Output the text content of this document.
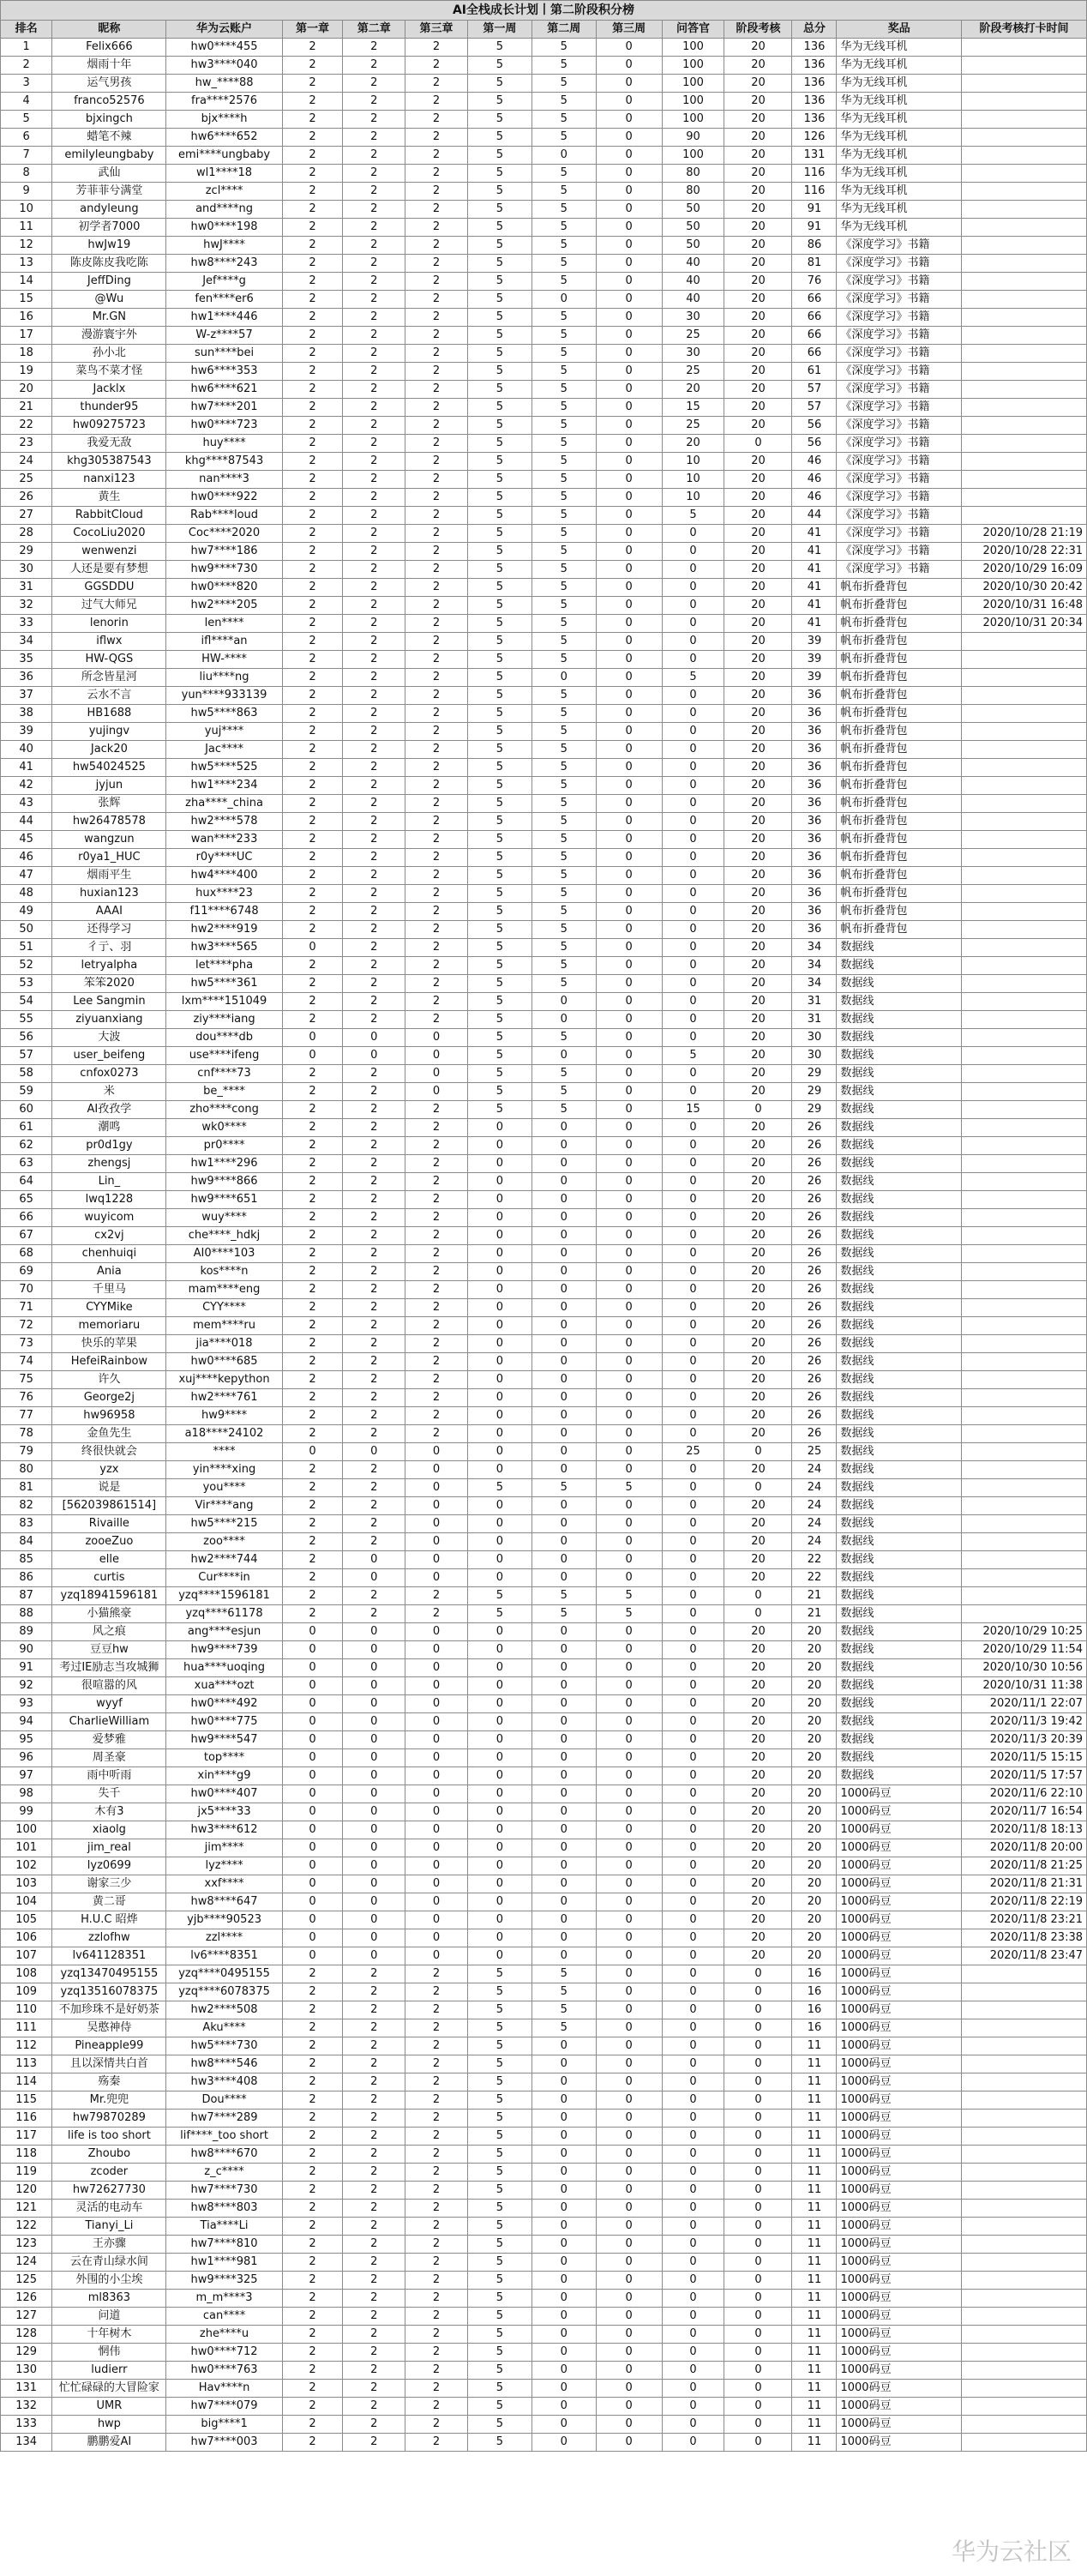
AI全栈成长计划丨第二阶段积分榜													
排名	昵称	华为云账户	第一章	第二章	第三章	第一周	第二周	第三周	问答官	阶段考核	总分	奖品	阶段考核打卡时间
1	Felix666	hw0****455	2	2	2	5	5	0	100	20	136	华为无线耳机	
2	烟雨十年	hw3****040	2	2	2	5	5	0	100	20	136	华为无线耳机	
3	运气男孩	hw_****88	2	2	2	5	5	0	100	20	136	华为无线耳机	
4	franco52576	fra****2576	2	2	2	5	5	0	100	20	136	华为无线耳机	
5	bjxingch	bjx****h	2	2	2	5	5	0	100	20	136	华为无线耳机	
6	蜡笔不辣	hw6****652	2	2	2	5	5	0	90	20	126	华为无线耳机	
7	emilyleungbaby	emi****ungbaby	2	2	2	5	0	0	100	20	131	华为无线耳机	
8	武仙	wl1****18	2	2	2	5	5	0	80	20	116	华为无线耳机	
9	芳菲菲兮满堂	zcl****	2	2	2	5	5	0	80	20	116	华为无线耳机	
10	andyleung	and****ng	2	2	2	5	5	0	50	20	91	华为无线耳机	
11	初学者7000	hw0****198	2	2	2	5	5	0	50	20	91	华为无线耳机	
12	hwJw19	hwJ****	2	2	2	5	5	0	50	20	86	《深度学习》书籍	
13	陈皮陈皮我吃陈	hw8****243	2	2	2	5	5	0	40	20	81	《深度学习》书籍	
14	JeffDing	Jef****g	2	2	2	5	5	0	40	20	76	《深度学习》书籍	
15	@Wu	fen****er6	2	2	2	5	0	0	40	20	66	《深度学习》书籍	
16	Mr.GN	hw1****446	2	2	2	5	5	0	30	20	66	《深度学习》书籍	
17	漫游寰宇外	W-z****57	2	2	2	5	5	0	25	20	66	《深度学习》书籍	
18	孙小北	sun****bei	2	2	2	5	5	0	30	20	66	《深度学习》书籍	
19	菜鸟不菜才怪	hw6****353	2	2	2	5	5	0	25	20	61	《深度学习》书籍	
20	Jacklx	hw6****621	2	2	2	5	5	0	20	20	57	《深度学习》书籍	
21	thunder95	hw7****201	2	2	2	5	5	0	15	20	57	《深度学习》书籍	
22	hw09275723	hw0****723	2	2	2	5	5	0	25	20	56	《深度学习》书籍	
23	我爱无敌	huy****	2	2	2	5	5	0	20	0	56	《深度学习》书籍	
24	khg305387543	khg****87543	2	2	2	5	5	0	10	20	46	《深度学习》书籍	
25	nanxi123	nan****3	2	2	2	5	5	0	10	20	46	《深度学习》书籍	
26	黄生	hw0****922	2	2	2	5	5	0	10	20	46	《深度学习》书籍	
27	RabbitCloud	Rab****loud	2	2	2	5	5	0	5	20	44	《深度学习》书籍	
28	CocoLiu2020	Coc****2020	2	2	2	5	5	0	0	20	41	《深度学习》书籍	2020/10/28 21:19
29	wenwenzi	hw7****186	2	2	2	5	5	0	0	20	41	《深度学习》书籍	2020/10/28 22:31
30	人还是要有梦想	hw9****730	2	2	2	5	5	0	0	20	41	《深度学习》书籍	2020/10/29 16:09
31	GGSDDU	hw0****820	2	2	2	5	5	0	0	20	41	帆布折叠背包	2020/10/30 20:42
32	过气大师兄	hw2****205	2	2	2	5	5	0	0	20	41	帆布折叠背包	2020/10/31 16:48
33	lenorin	len****	2	2	2	5	5	0	0	20	41	帆布折叠背包	2020/10/31 20:34
34	iflwx	ifl****an	2	2	2	5	5	0	0	20	39	帆布折叠背包	
35	HW-QGS	HW-****	2	2	2	5	5	0	0	20	39	帆布折叠背包	
36	所念皆星河	liu****ng	2	2	2	5	0	0	5	20	39	帆布折叠背包	
37	云水不言	yun****933139	2	2	2	5	5	0	0	20	36	帆布折叠背包	
38	HB1688	hw5****863	2	2	2	5	5	0	0	20	36	帆布折叠背包	
39	yujingv	yuj****	2	2	2	5	5	0	0	20	36	帆布折叠背包	
40	Jack20	Jac****	2	2	2	5	5	0	0	20	36	帆布折叠背包	
41	hw54024525	hw5****525	2	2	2	5	5	0	0	20	36	帆布折叠背包	
42	jyjun	hw1****234	2	2	2	5	5	0	0	20	36	帆布折叠背包	
43	张辉	zha****_china	2	2	2	5	5	0	0	20	36	帆布折叠背包	
44	hw26478578	hw2****578	2	2	2	5	5	0	0	20	36	帆布折叠背包	
45	wangzun	wan****233	2	2	2	5	5	0	0	20	36	帆布折叠背包	
46	r0ya1_HUC	r0y****UC	2	2	2	5	5	0	0	20	36	帆布折叠背包	
47	烟雨平生	hw4****400	2	2	2	5	5	0	0	20	36	帆布折叠背包	
48	huxian123	hux****23	2	2	2	5	5	0	0	20	36	帆布折叠背包	
49	AAAI	f11****6748	2	2	2	5	5	0	0	20	36	帆布折叠背包	
50	还得学习	hw2****919	2	2	2	5	5	0	0	20	36	帆布折叠背包	
51	彳亍、羽	hw3****565	0	2	2	5	5	0	0	20	34	数据线	
52	letryalpha	let****pha	2	2	2	5	5	0	0	20	34	数据线	
53	笨笨2020	hw5****361	2	2	2	5	5	0	0	20	34	数据线	
54	Lee Sangmin	lxm****151049	2	2	2	5	0	0	0	20	31	数据线	
55	ziyuanxiang	ziy****iang	2	2	2	5	0	0	0	20	31	数据线	
56	大波	dou****db	0	0	0	5	5	0	0	20	30	数据线	
57	user_beifeng	use****ifeng	0	0	0	5	0	0	5	20	30	数据线	
58	cnfox0273	cnf****73	2	2	0	5	5	0	0	20	29	数据线	
59	米	be_****	2	2	0	5	5	0	0	20	29	数据线	
60	AI孜孜学	zho****cong	2	2	2	5	5	0	15	0	29	数据线	
61	潮鸣	wk0****	2	2	2	0	0	0	0	20	26	数据线	
62	pr0d1gy	pr0****	2	2	2	0	0	0	0	20	26	数据线	
63	zhengsj	hw1****296	2	2	2	0	0	0	0	20	26	数据线	
64	Lin_	hw9****866	2	2	2	0	0	0	0	20	26	数据线	
65	lwq1228	hw9****651	2	2	2	0	0	0	0	20	26	数据线	
66	wuyicom	wuy****	2	2	2	0	0	0	0	20	26	数据线	
67	cx2vj	che****_hdkj	2	2	2	0	0	0	0	20	26	数据线	
68	chenhuiqi	AI0****103	2	2	2	0	0	0	0	20	26	数据线	
69	Ania	kos****n	2	2	2	0	0	0	0	20	26	数据线	
70	千里马	mam****eng	2	2	2	0	0	0	0	20	26	数据线	
71	CYYMike	CYY****	2	2	2	0	0	0	0	20	26	数据线	
72	memoriaru	mem****ru	2	2	2	0	0	0	0	20	26	数据线	
73	快乐的苹果	jia****018	2	2	2	0	0	0	0	20	26	数据线	
74	HefeiRainbow	hw0****685	2	2	2	0	0	0	0	20	26	数据线	
75	许久	xuj****kepython	2	2	2	0	0	0	0	20	26	数据线	
76	George2j	hw2****761	2	2	2	0	0	0	0	20	26	数据线	
77	hw96958	hw9****	2	2	2	0	0	0	0	20	26	数据线	
78	金鱼先生	a18****24102	2	2	2	0	0	0	0	20	26	数据线	
79	终很快就会	****	0	0	0	0	0	0	25	0	25	数据线	
80	yzx	yin****xing	2	2	0	0	0	0	0	20	24	数据线	
81	说是	you****	2	2	0	5	5	5	0	0	24	数据线	
82	[562039861514]	Vir****ang	2	2	0	0	0	0	0	20	24	数据线	
83	Rivaille	hw5****215	2	2	0	0	0	0	0	20	24	数据线	
84	zooeZuo	zoo****	2	2	0	0	0	0	0	20	24	数据线	
85	elle	hw2****744	2	0	0	0	0	0	0	20	22	数据线	
86	curtis	Cur****in	2	0	0	0	0	0	0	20	22	数据线	
87	yzq18941596181	yzq****1596181	2	2	2	5	5	5	0	0	21	数据线	
88	小猫熊豪	yzq****61178	2	2	2	5	5	5	0	0	21	数据线	
89	风之痕	ang****esjun	0	0	0	0	0	0	0	20	20	数据线	2020/10/29 10:25
90	豆豆hw	hw9****739	0	0	0	0	0	0	0	20	20	数据线	2020/10/29 11:54
91	考过IE励志当攻城狮	hua****uoqing	0	0	0	0	0	0	0	20	20	数据线	2020/10/30 10:56
92	很喧嚣的风	xua****ozt	0	0	0	0	0	0	0	20	20	数据线	2020/10/31 11:38
93	wyyf	hw0****492	0	0	0	0	0	0	0	20	20	数据线	2020/11/1 22:07
94	CharlieWilliam	hw0****775	0	0	0	0	0	0	0	20	20	数据线	2020/11/3 19:42
95	爱梦雅	hw9****547	0	0	0	0	0	0	0	20	20	数据线	2020/11/3 20:39
96	周圣豪	top****	0	0	0	0	0	0	0	20	20	数据线	2020/11/5 15:15
97	雨中听雨	xin****g9	0	0	0	0	0	0	0	20	20	数据线	2020/11/5 17:57
98	失千	hw0****407	0	0	0	0	0	0	0	20	20	1000码豆	2020/11/6 22:10
99	木有3	jx5****33	0	0	0	0	0	0	0	20	20	1000码豆	2020/11/7 16:54
100	xiaolg	hw3****612	0	0	0	0	0	0	0	20	20	1000码豆	2020/11/8 18:13
101	jim_real	jim****	0	0	0	0	0	0	0	20	20	1000码豆	2020/11/8 20:00
102	lyz0699	lyz****	0	0	0	0	0	0	0	20	20	1000码豆	2020/11/8 21:25
103	谢家三少	xxf****	0	0	0	0	0	0	0	20	20	1000码豆	2020/11/8 21:31
104	黄二哥	hw8****647	0	0	0	0	0	0	0	20	20	1000码豆	2020/11/8 22:19
105	H.U.C 昭烨	yjb****90523	0	0	0	0	0	0	0	20	20	1000码豆	2020/11/8 23:21
106	zzlofhw	zzl****	0	0	0	0	0	0	0	20	20	1000码豆	2020/11/8 23:38
107	lv641128351	lv6****8351	0	0	0	0	0	0	0	20	20	1000码豆	2020/11/8 23:47
108	yzq13470495155	yzq****0495155	2	2	2	5	5	0	0	0	16	1000码豆	
109	yzq13516078375	yzq****6078375	2	2	2	5	5	0	0	0	16	1000码豆	
110	不加珍珠不是好奶茶	hw2****508	2	2	2	5	5	0	0	0	16	1000码豆	
111	吴憨神侍	Aku****	2	2	2	5	5	0	0	0	16	1000码豆	
112	Pineapple99	hw5****730	2	2	2	5	0	0	0	0	11	1000码豆	
113	且以深情共白首	hw8****546	2	2	2	5	0	0	0	0	11	1000码豆	
114	殇秦	hw3****408	2	2	2	5	0	0	0	0	11	1000码豆	
115	Mr.兜兜	Dou****	2	2	2	5	0	0	0	0	11	1000码豆	
116	hw79870289	hw7****289	2	2	2	5	0	0	0	0	11	1000码豆	
117	life is too short	lif****_too short	2	2	2	5	0	0	0	0	11	1000码豆	
118	Zhoubo	hw8****670	2	2	2	5	0	0	0	0	11	1000码豆	
119	zcoder	z_c****	2	2	2	5	0	0	0	0	11	1000码豆	
120	hw72627730	hw7****730	2	2	2	5	0	0	0	0	11	1000码豆	
121	灵活的电动车	hw8****803	2	2	2	5	0	0	0	0	11	1000码豆	
122	Tianyi_Li	Tia****Li	2	2	2	5	0	0	0	0	11	1000码豆	
123	王亦骤	hw7****810	2	2	2	5	0	0	0	0	11	1000码豆	
124	云在青山绿水间	hw1****981	2	2	2	5	0	0	0	0	11	1000码豆	
125	外围的小尘埃	hw9****325	2	2	2	5	0	0	0	0	11	1000码豆	
126	ml8363	m_m****3	2	2	2	5	0	0	0	0	11	1000码豆	
127	问道	can****	2	2	2	5	0	0	0	0	11	1000码豆	
128	十年树木	zhe****u	2	2	2	5	0	0	0	0	11	1000码豆	
129	惘伟	hw0****712	2	2	2	5	0	0	0	0	11	1000码豆	
130	ludierr	hw0****763	2	2	2	5	0	0	0	0	11	1000码豆	
131	忙忙碌碌的大冒险家	Hav****n	2	2	2	5	0	0	0	0	11	1000码豆	
132	UMR	hw7****079	2	2	2	5	0	0	0	0	11	1000码豆	
133	hwp	big****1	2	2	2	5	0	0	0	0	11	1000码豆	
134	鹏鹏爱AI	hw7****003	2	2	2	5	0	0	0	0	11	1000码豆	
华为云社区
